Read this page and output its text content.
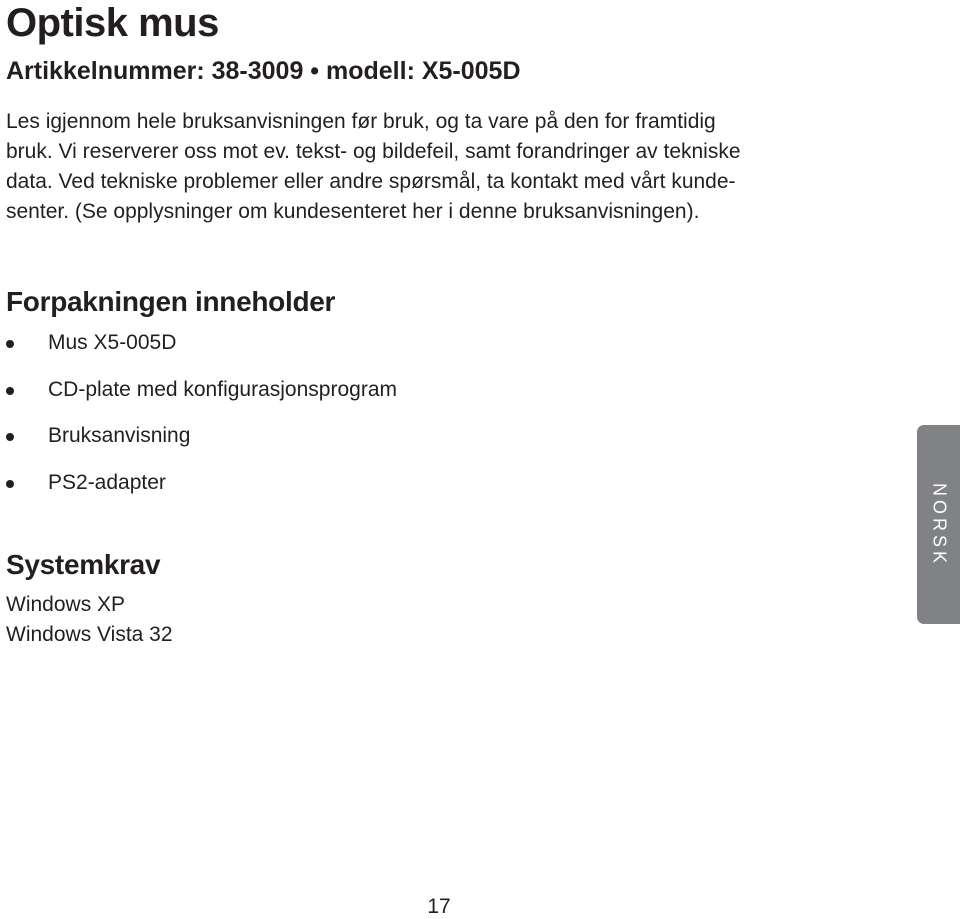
Optisk mus
Artikkelnummer: 38-3009 • modell: X5-005D

Les igjennom hele bruksanvisningen før bruk, og ta vare på den for framtidig
bruk. Vi reserverer oss mot ev. tekst- og bildefeil, samt forandringer av tekniske
data. Ved tekniske problemer eller andre spørsmål, ta kontakt med vårt kunde-
senter. (Se opplysninger om kundesenteret her i denne bruksanvisningen).

Forpakningen inneholder
Mus X5-005D
CD-plate med konfigurasjonsprogram
Bruksanvisning
PS2-adapter
Systemkrav
Windows XP
Windows Vista 32
NORSK
17
